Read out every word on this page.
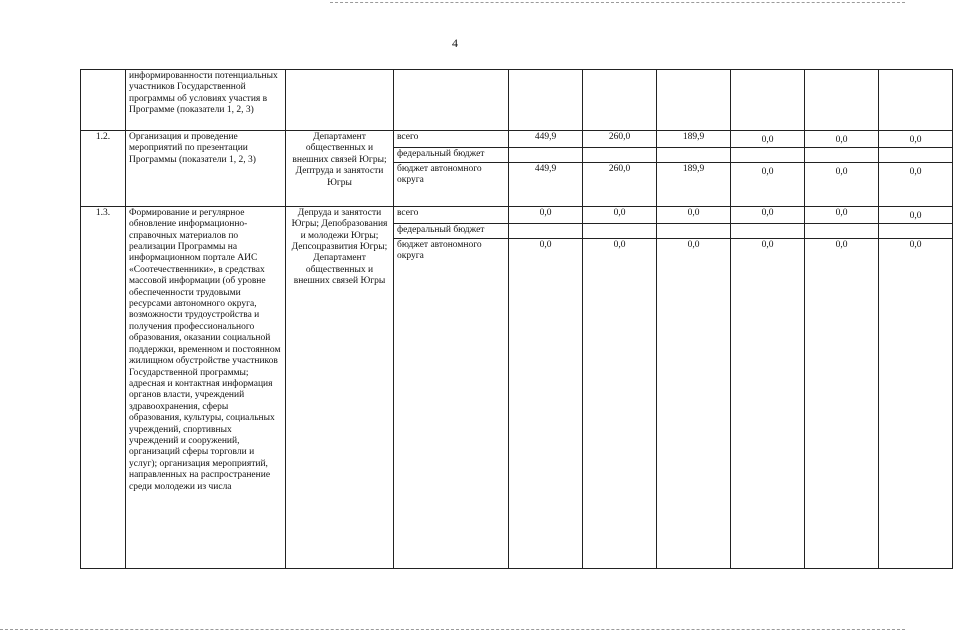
4
	информированности потенциальных участников Государственной программы об условиях участия в Программе (показатели 1, 2, 3)								
1.2.	Организация и проведение мероприятий по презентации Программы (показатели 1, 2, 3)	Департамент общественных и внешних связей Югры; Дептруда и занятости Югры	всего	449,9	260,0	189,9	0,0	0,0	0,0
			федеральный бюджет						
			бюджет автономного округа	449,9	260,0	189,9	0,0	0,0	0,0
1.3.	Формирование и регулярное обновление информационно-справочных материалов по реализации Программы на информационном портале АИС «Соотечественники», в средствах массовой информации (об уровне обеспеченности трудовыми ресурсами автономного округа, возможности трудоустройства и получения профессионального образования, оказании социальной поддержки, временном и постоянном жилищном обустройстве участников Государственной программы; адресная и контактная информация органов власти, учреждений здравоохранения, сферы образования, культуры, социальных учреждений, спортивных учреждений и сооружений, организаций сферы торговли и услуг); организация мероприятий, направленных на распространение среди молодежи из числа	Депруда и занятости Югры; Депобразования и молодежи Югры; Депсоцразвития Югры; Департамент общественных и внешних связей Югры	всего	0,0	0,0	0,0	0,0	0,0	0,0
			федеральный бюджет						
			бюджет автономного округа	0,0	0,0	0,0	0,0	0,0	0,0
